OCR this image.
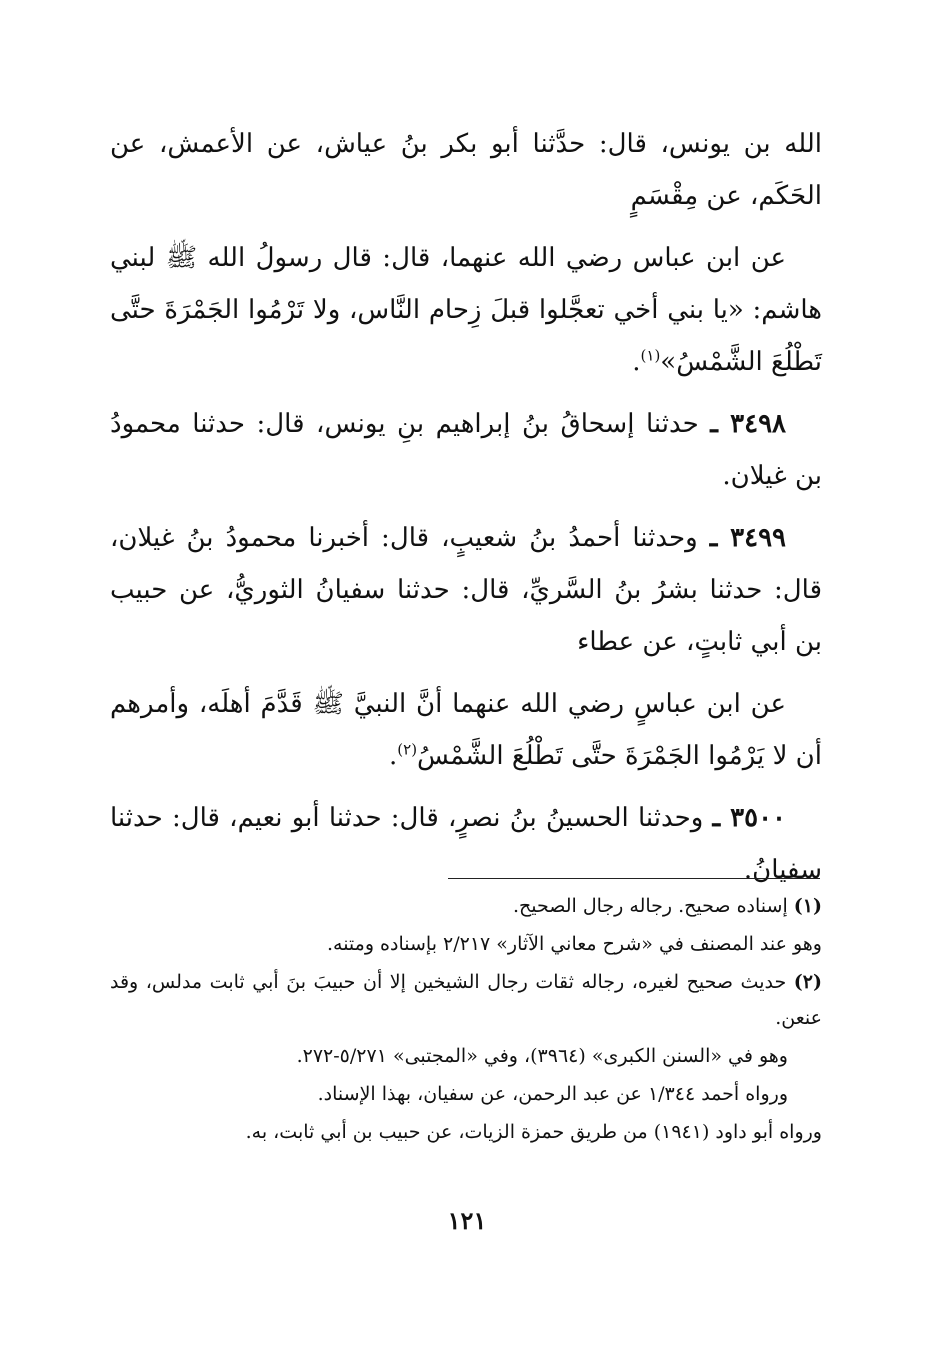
الله بن يونس، قال: حدَّثنا أبو بكر بنُ عياش، عن الأعمش، عن الحَكَم، عن مِقْسَمٍ

عن ابن عباس رضي الله عنهما، قال: قال رسولُ الله ﷺ لبني هاشم: «يا بني أخي تعجَّلوا قبلَ زِحام النَّاس، ولا تَرْمُوا الجَمْرَةَ حتَّى تَطْلُعَ الشَّمْسُ»$^{(١)}$.

٣٤٩٨ ـ حدثنا إسحاقُ بنُ إبراهيم بنِ يونس، قال: حدثنا محمودُ بن غيلان.

٣٤٩٩ ـ وحدثنا أحمدُ بنُ شعيبٍ، قال: أخبرنا محمودُ بنُ غيلان، قال: حدثنا بشرُ بنُ السَّريِّ، قال: حدثنا سفيانُ الثوريُّ، عن حبيب بن أبي ثابتٍ، عن عطاء

عن ابن عباسٍ رضي الله عنهما أنَّ النبيَّ ﷺ قَدَّمَ أهلَه، وأمرهم أن لا يَرْمُوا الجَمْرَةَ حتَّى تَطْلُعَ الشَّمْسُ$^{(٢)}$.

٣٥٠٠ ـ وحدثنا الحسينُ بنُ نصرٍ، قال: حدثنا أبو نعيم، قال: حدثنا سفيانُ.

(١) إسناده صحيح. رجاله رجال الصحيح.

وهو عند المصنف في «شرح معاني الآثار» ٢/٢١٧ بإسناده ومتنه.

(٢) حديث صحيح لغيره، رجاله ثقات رجال الشيخين إلا أن حبيبَ بنَ أبي ثابت مدلس، وقد عنعن.

وهو في «السنن الكبرى» (٣٩٦٤)، وفي «المجتبى» ٥/٢٧١-٢٧٢.

ورواه أحمد ١/٣٤٤ عن عبد الرحمن، عن سفيان، بهذا الإسناد.

ورواه أبو داود (١٩٤١) من طريق حمزة الزيات، عن حبيب بن أبي ثابت، به.

١٢١
